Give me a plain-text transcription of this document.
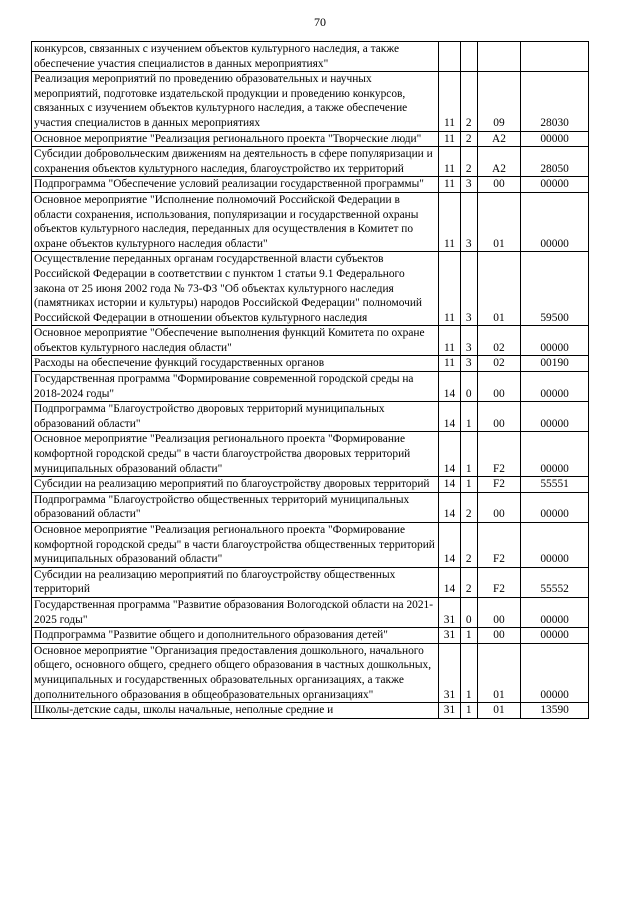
70
конкурсов, связанных с изучением объектов культурного наследия, а также обеспечение участия специалистов в данных мероприятиях"				
Реализация мероприятий по проведению образовательных и научных мероприятий, подготовке издательской продукции и проведению конкурсов, связанных с изучением объектов культурного наследия, а также обеспечение участия специалистов в данных мероприятиях	11	2	09	28030
Основное мероприятие "Реализация регионального проекта "Творческие люди"	11	2	A2	00000
Субсидии добровольческим движениям на деятельность в сфере популяризации и сохранения объектов культурного наследия, благоустройство их территорий	11	2	A2	28050
Подпрограмма "Обеспечение условий реализации государственной программы"	11	3	00	00000
Основное мероприятие "Исполнение полномочий Российской Федерации в области сохранения, использования, популяризации и государственной охраны объектов культурного наследия, переданных для осуществления в Комитет по охране объектов культурного наследия области"	11	3	01	00000
Осуществление переданных органам государственной власти субъектов Российской Федерации в соответствии с пунктом 1 статьи 9.1 Федерального закона от 25 июня 2002 года № 73-ФЗ "Об объектах культурного наследия (памятниках истории и культуры) народов Российской Федерации" полномочий Российской Федерации в отношении объектов культурного наследия	11	3	01	59500
Основное мероприятие "Обеспечение выполнения функций Комитета по охране объектов культурного наследия области"	11	3	02	00000
Расходы на обеспечение функций государственных органов	11	3	02	00190
Государственная программа "Формирование современной городской среды на 2018-2024 годы"	14	0	00	00000
Подпрограмма "Благоустройство дворовых территорий муниципальных образований области"	14	1	00	00000
Основное мероприятие "Реализация регионального проекта "Формирование комфортной городской среды" в части благоустройства дворовых территорий муниципальных образований области"	14	1	F2	00000
Субсидии на реализацию мероприятий по благоустройству дворовых территорий	14	1	F2	55551
Подпрограмма "Благоустройство общественных территорий муниципальных образований области"	14	2	00	00000
Основное мероприятие "Реализация регионального проекта "Формирование комфортной городской среды" в части благоустройства общественных территорий муниципальных образований области"	14	2	F2	00000
Субсидии на реализацию мероприятий по благоустройству общественных территорий	14	2	F2	55552
Государственная программа "Развитие образования Вологодской области на 2021-2025 годы"	31	0	00	00000
Подпрограмма "Развитие общего и дополнительного образования детей"	31	1	00	00000
Основное мероприятие "Организация предоставления дошкольного, начального общего, основного общего, среднего общего образования в частных дошкольных, муниципальных и государственных образовательных организациях, а также дополнительного образования в общеобразовательных организациях"	31	1	01	00000
Школы-детские сады, школы начальные, неполные средние и	31	1	01	13590
